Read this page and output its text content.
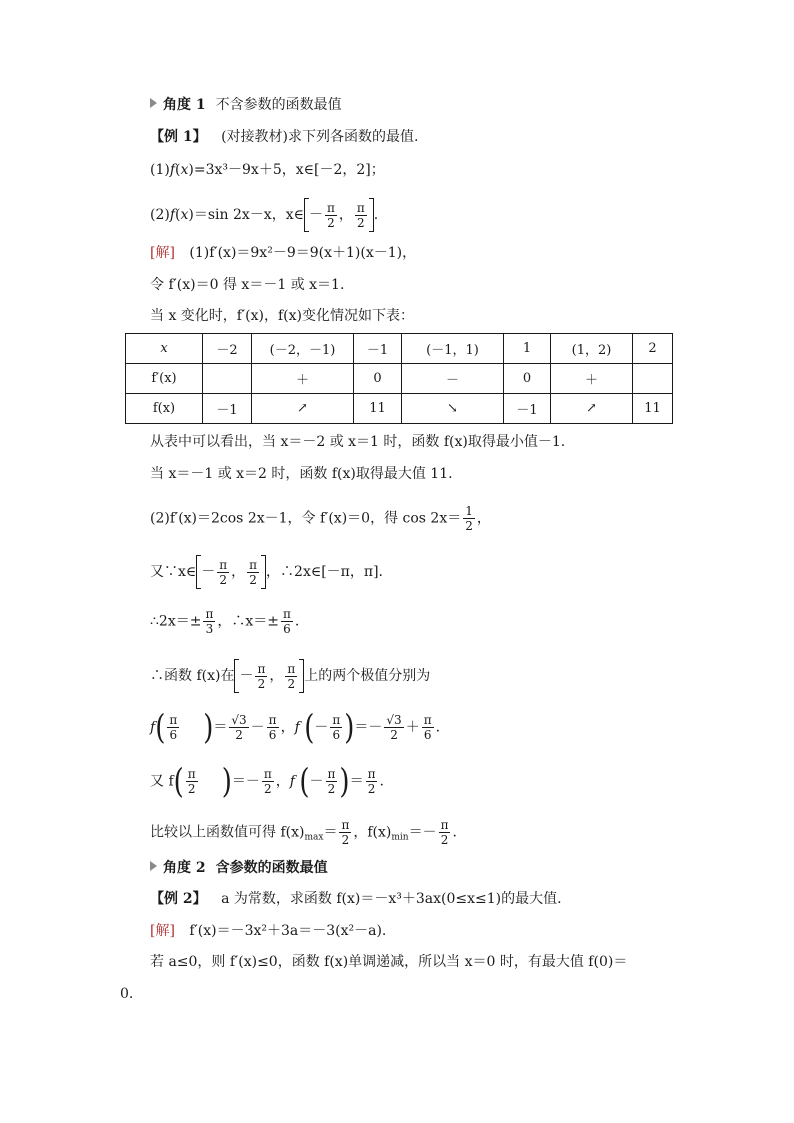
角度 1 不含参数的函数最值
【例 1】 (对接教材)求下列各函数的最值.
(1)f(x)=3x³－9x＋5，x∈[－2，2]；
(2)f(x)＝sin 2x－x，x∈ － $\frac{\pi}{2}$ ， $\frac{\pi}{2}$ .
[解] (1)f′(x)＝9x²－9＝9(x＋1)(x－1)，
令 f′(x)＝0 得 x＝－1 或 x＝1.
当 x 变化时，f′(x)，f(x)变化情况如下表：
x	－2	(－2，－1)	－1	(－1，1)	1	(1，2)	2
f′(x)		＋	0	－	0	＋	
f(x)	－1	↗	11	↘	－1	↗	11
从表中可以看出，当 x＝－2 或 x＝1 时，函数 f(x)取得最小值－1.
当 x＝－1 或 x＝2 时，函数 f(x)取得最大值 11.
(2)f′(x)＝2cos 2x－1，令 f′(x)＝0，得 $\cos 2x= \frac{1}{2}$ ，
又∵x∈ － $\frac{\pi}{2}$ ， $\frac{\pi}{2}$ ，∴2x∈[－π，π].
∴2x＝± $\frac{\pi}{3}$ ，∴x＝± $\frac{\pi}{6}$ .
∴函数 f(x)在 － $\frac{\pi}{2}$ ， $\frac{\pi}{2}$ 上的两个极值分别为
$f( \frac{\pi}{6}$ )＝ $\frac{√3}{2} - \frac{\pi}{6}$ ，f (－ $\frac{\pi}{6}$ )＝－ $\frac{√3}{2} + \frac{\pi}{6}$ .
又 $f( \frac{\pi}{2}$ )＝－ $\frac{\pi}{2}$ ，f (－ $\frac{\pi}{2}$ )＝ $\frac{\pi}{2}$ .
比较以上函数值可得 $f(x)_{max}= \frac{\pi}{2}$ ，$f(x)_{min}=- \frac{\pi}{2}$ .
角度 2 含参数的函数最值
【例 2】 a 为常数，求函数 f(x)＝－x³＋3ax(0≤x≤1)的最大值.
[解] f′(x)＝－3x²＋3a＝－3(x²－a).
若 a≤0，则 f′(x)≤0，函数 f(x)单调递减，所以当 x＝0 时，有最大值 f(0)＝
0.
